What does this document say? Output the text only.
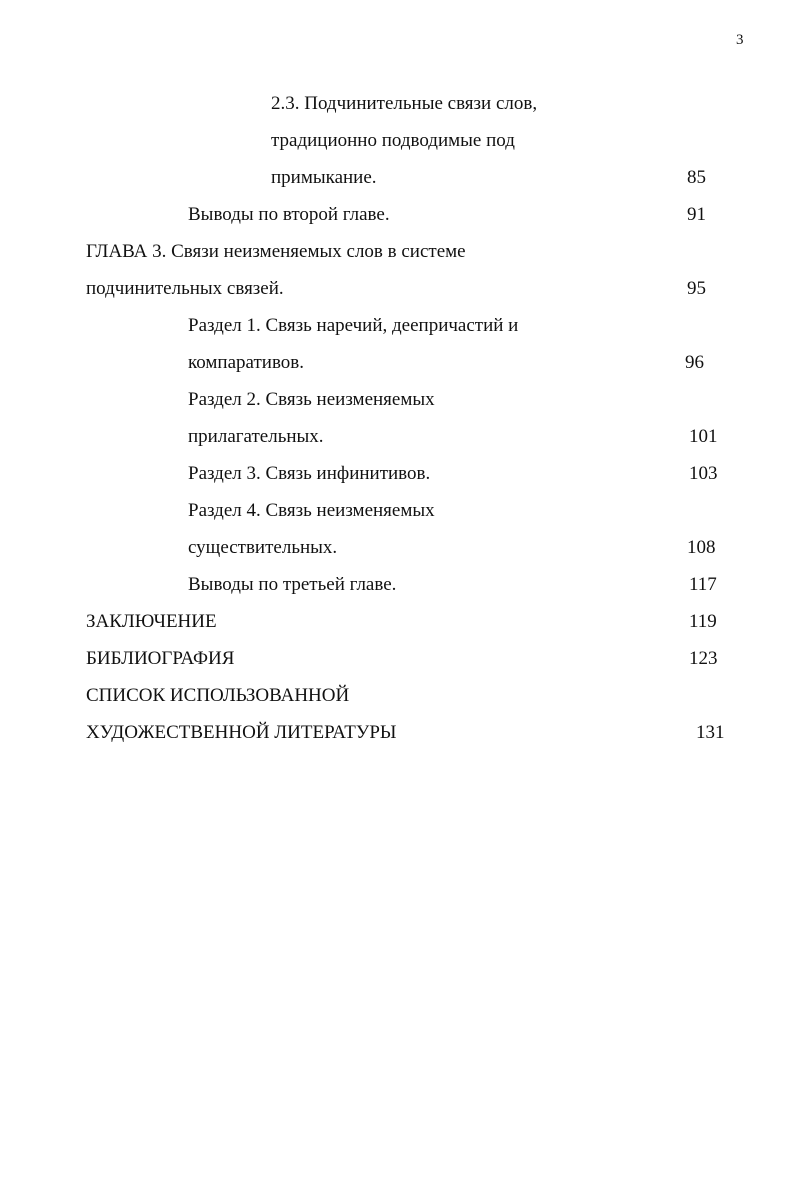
3
2.3. Подчинительные связи слов,
традиционно подводимые под
примыкание.	85
Выводы по второй главе.	91
ГЛАВА 3. Связи неизменяемых слов в системе
подчинительных связей.	95
Раздел 1. Связь наречий, деепричастий и
компаративов.	96
Раздел 2. Связь неизменяемых
прилагательных.	101
Раздел 3. Связь инфинитивов.	103
Раздел 4. Связь неизменяемых
существительных.	108
Выводы по третьей главе.	117
ЗАКЛЮЧЕНИЕ	119
БИБЛИОГРАФИЯ	123
СПИСОК ИСПОЛЬЗОВАННОЙ
ХУДОЖЕСТВЕННОЙ ЛИТЕРАТУРЫ	131
